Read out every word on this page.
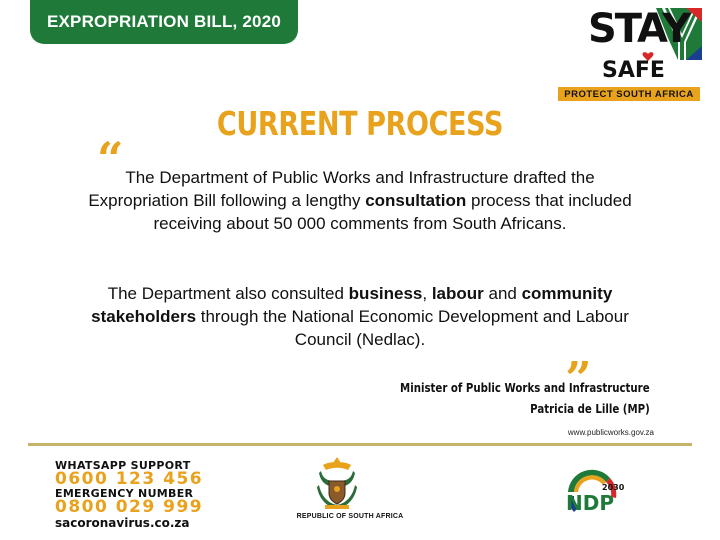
EXPROPRIATION BILL, 2020	STAY
SAFE
PROTECT SOUTH AFRICA
CURRENT PROCESS
“
„
The Department of Public Works and Infrastructure drafted the Expropriation Bill following a lengthy consultation process that included receiving about 50 000 comments from South Africans.
The Department also consulted business, labour and community stakeholders through the National Economic Development and Labour Council (Nedlac).
Minister of Public Works and Infrastructure
Patricia de Lille (MP)
www.publicworks.gov.za
WHATSAPP SUPPORT
0600 123 456
EMERGENCY NUMBER
0800 029 999
sacoronavirus.co.za	REPUBLIC OF SOUTH AFRICA
2030
NDP
